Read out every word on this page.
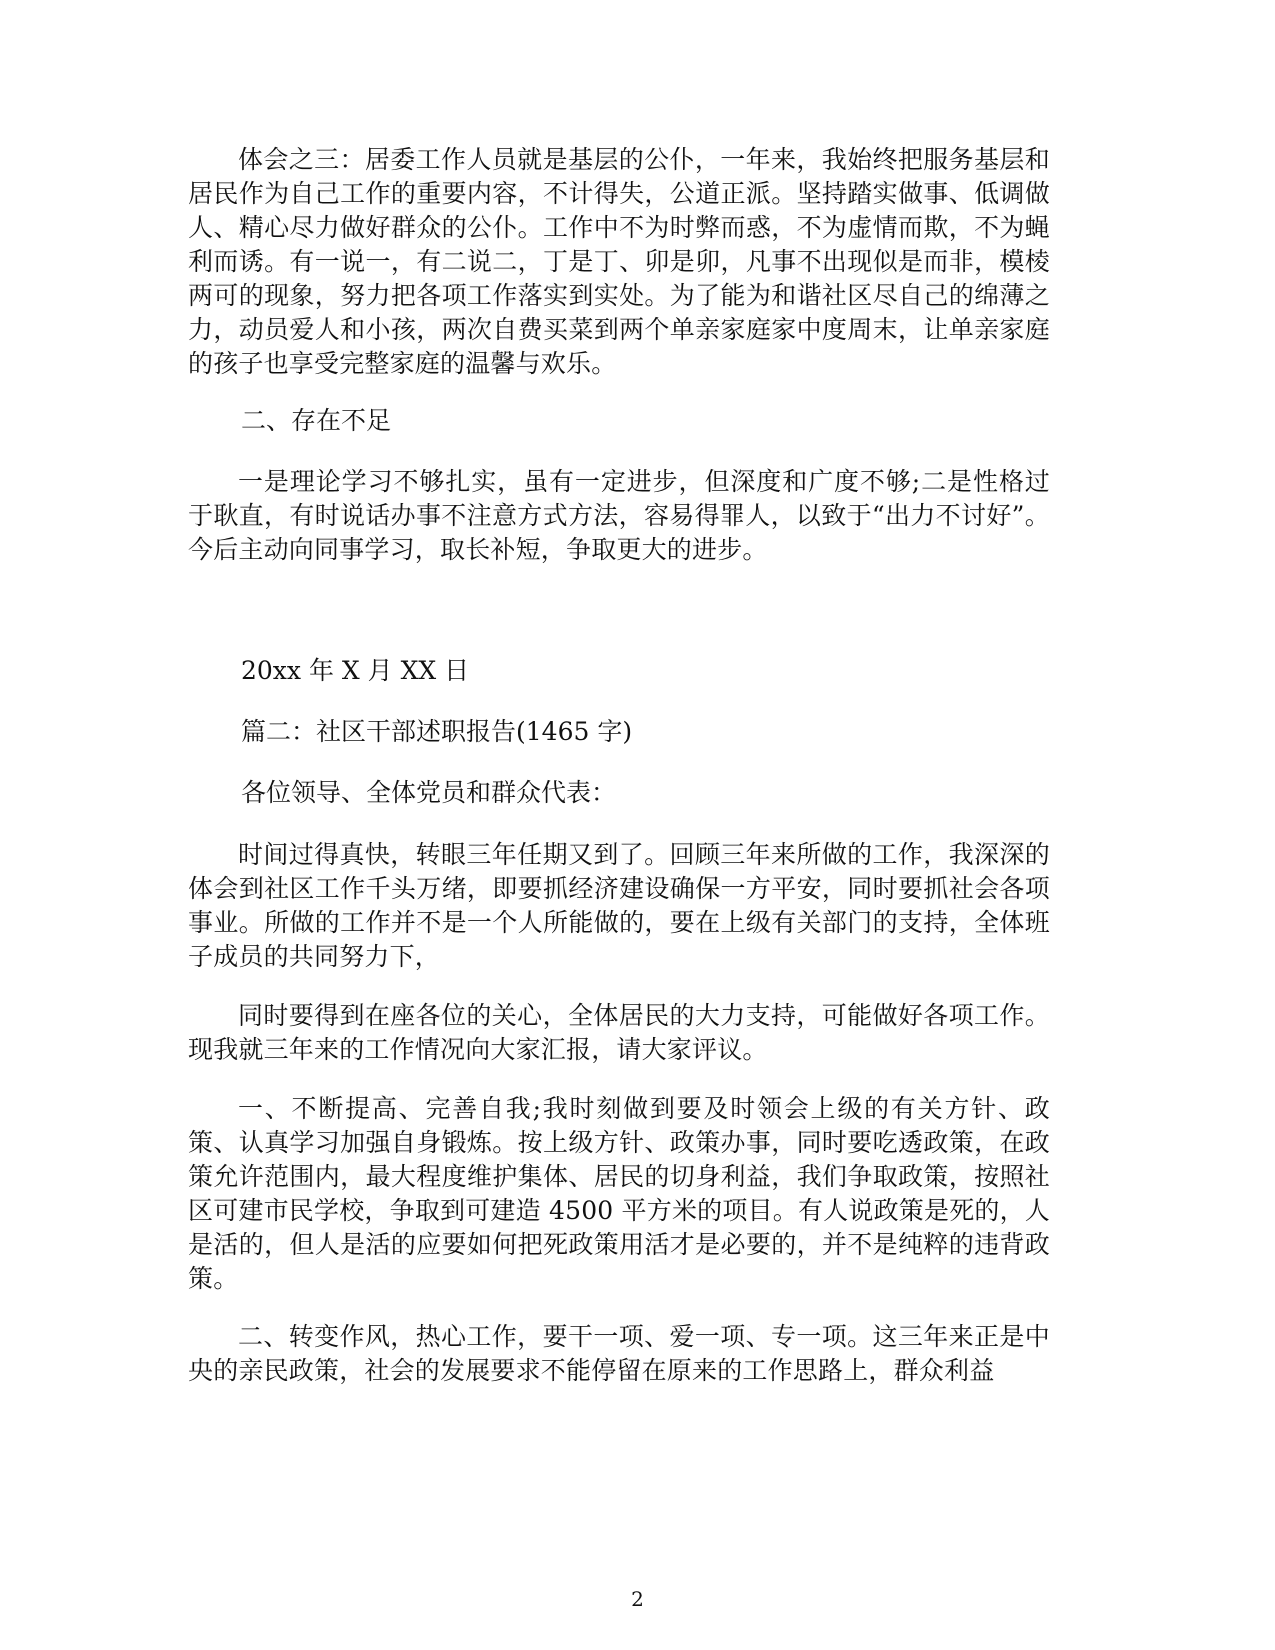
体会之三：居委工作人员就是基层的公仆，一年来，我始终把服务基层和居民作为自己工作的重要内容，不计得失，公道正派。坚持踏实做事、低调做人、精心尽力做好群众的公仆。工作中不为时弊而惑，不为虚情而欺，不为蝇利而诱。有一说一，有二说二，丁是丁、卯是卯，凡事不出现似是而非，模棱两可的现象，努力把各项工作落实到实处。为了能为和谐社区尽自己的绵薄之力，动员爱人和小孩，两次自费买菜到两个单亲家庭家中度周末，让单亲家庭的孩子也享受完整家庭的温馨与欢乐。

二、存在不足

一是理论学习不够扎实，虽有一定进步，但深度和广度不够;二是性格过于耿直，有时说话办事不注意方式方法，容易得罪人，以致于“出力不讨好”。今后主动向同事学习，取长补短，争取更大的进步。

20xx 年 X 月 XX 日

篇二：社区干部述职报告(1465 字)

各位领导、全体党员和群众代表：

时间过得真快，转眼三年任期又到了。回顾三年来所做的工作，我深深的体会到社区工作千头万绪，即要抓经济建设确保一方平安，同时要抓社会各项事业。所做的工作并不是一个人所能做的，要在上级有关部门的支持，全体班子成员的共同努力下，

同时要得到在座各位的关心，全体居民的大力支持，可能做好各项工作。现我就三年来的工作情况向大家汇报，请大家评议。

一、不断提高、完善自我;我时刻做到要及时领会上级的有关方针、政策、认真学习加强自身锻炼。按上级方针、政策办事，同时要吃透政策，在政策允许范围内，最大程度维护集体、居民的切身利益，我们争取政策，按照社区可建市民学校，争取到可建造 4500 平方米的项目。有人说政策是死的，人是活的，但人是活的应要如何把死政策用活才是必要的，并不是纯粹的违背政策。

二、转变作风，热心工作，要干一项、爱一项、专一项。这三年来正是中央的亲民政策，社会的发展要求不能停留在原来的工作思路上，群众利益

2
